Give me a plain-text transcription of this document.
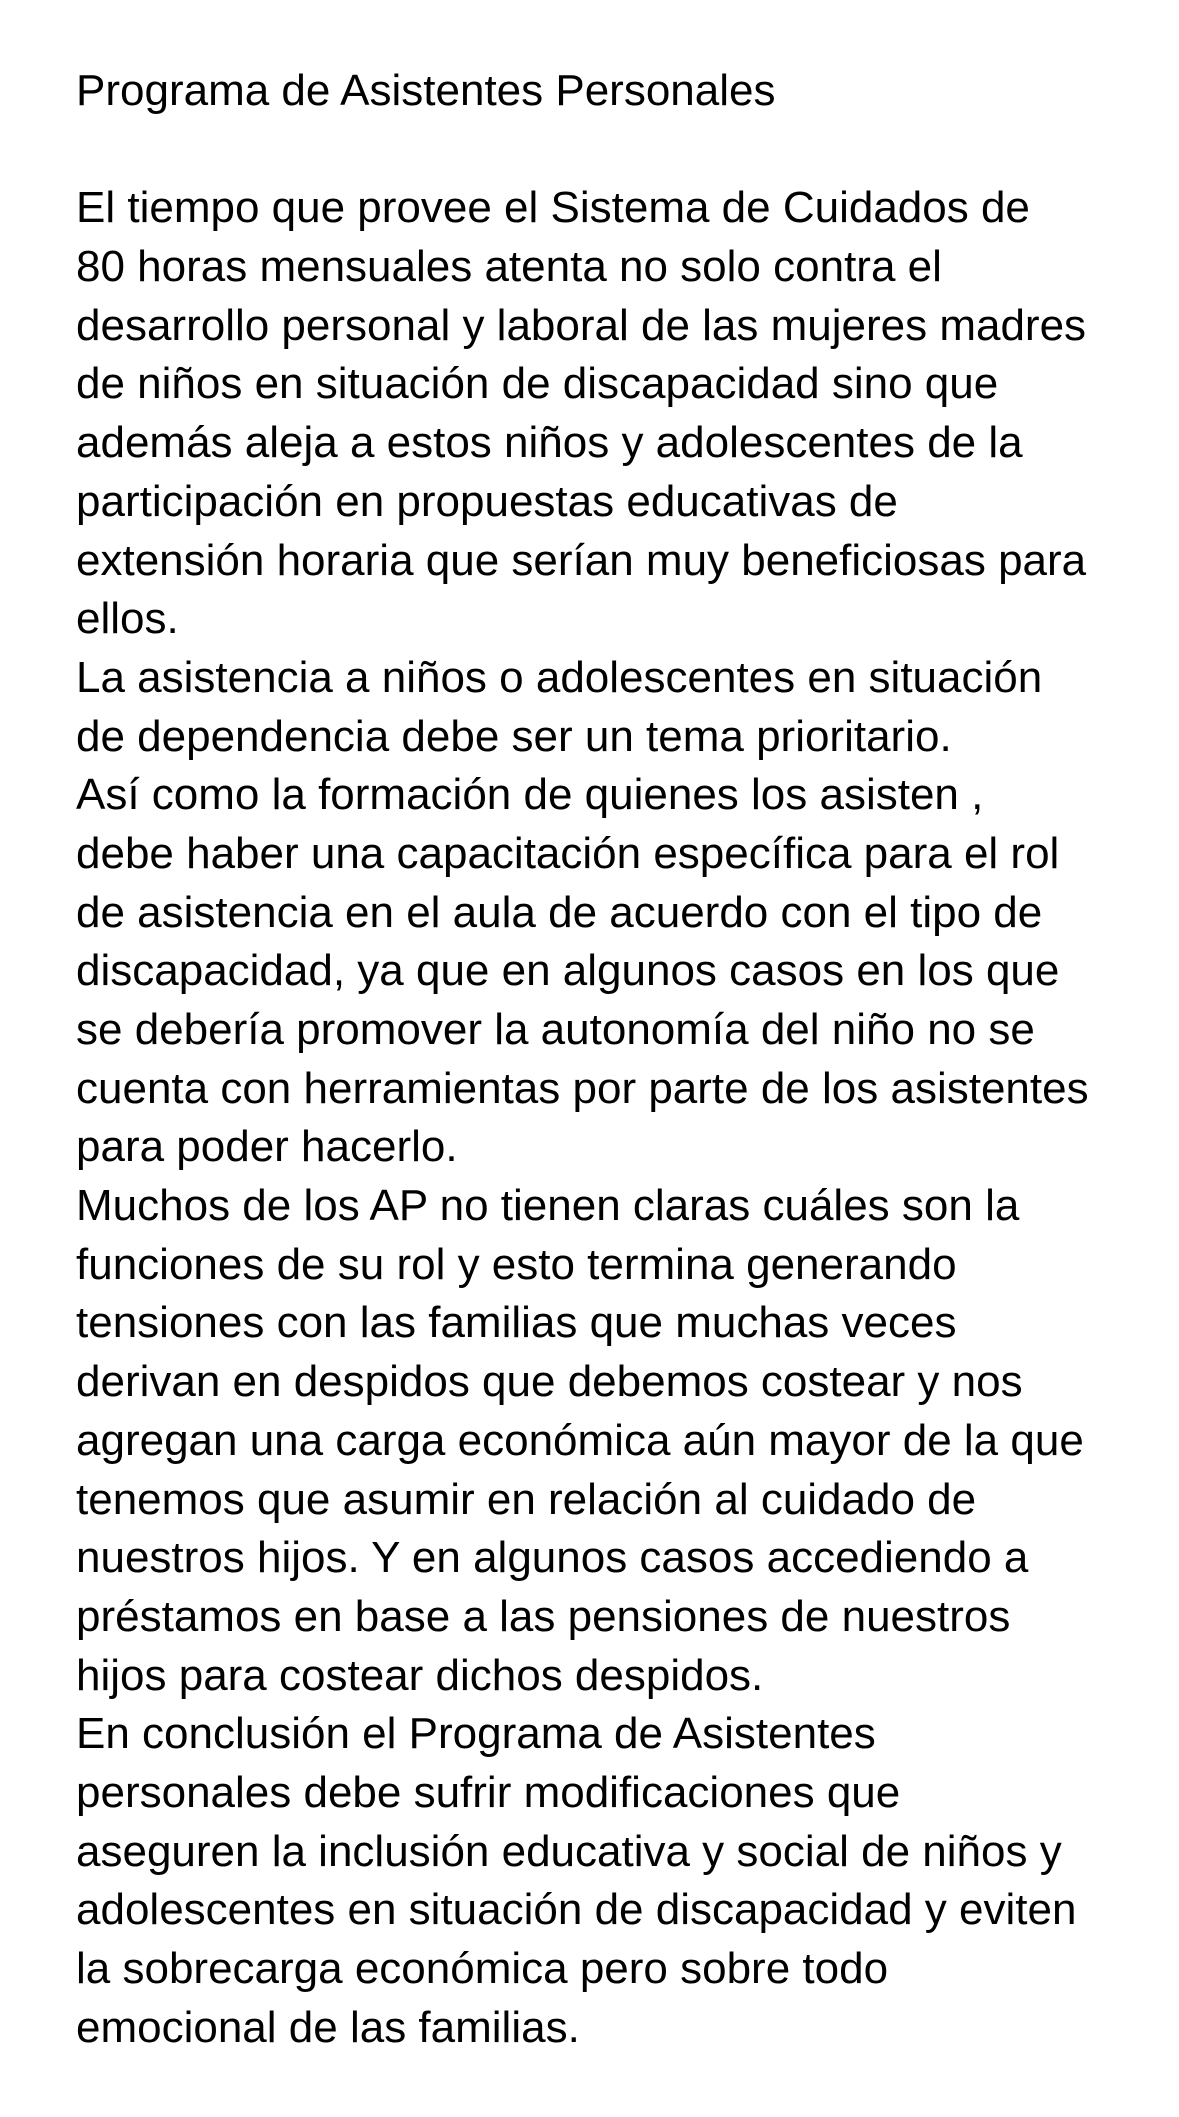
Programa de Asistentes Personales

El tiempo que provee el Sistema de Cuidados de
80 horas mensuales atenta no solo contra el
desarrollo personal y laboral de las mujeres madres
de niños en situación de discapacidad sino que
además aleja a estos niños y adolescentes de la
participación en propuestas educativas de
extensión horaria que serían muy beneficiosas para
ellos.
La asistencia a niños o adolescentes en situación
de dependencia debe ser un tema prioritario.
Así como la formación de quienes los asisten ,
debe haber una capacitación específica para el rol
de asistencia en el aula de acuerdo con el tipo de
discapacidad, ya que en algunos casos en los que
se debería promover la autonomía del niño no se
cuenta con herramientas por parte de los asistentes
para poder hacerlo.
Muchos de los AP no tienen claras cuáles son la
funciones de su rol y esto termina generando
tensiones con las familias que muchas veces
derivan en despidos que debemos costear y nos
agregan una carga económica aún mayor de la que
tenemos que asumir en relación al cuidado de
nuestros hijos. Y en algunos casos accediendo a
préstamos en base a las pensiones de nuestros
hijos para costear dichos despidos.
En conclusión el Programa de Asistentes
personales debe sufrir modificaciones que
aseguren la inclusión educativa y social de niños y
adolescentes en situación de discapacidad y eviten
la sobrecarga económica pero sobre todo
emocional de las familias.
